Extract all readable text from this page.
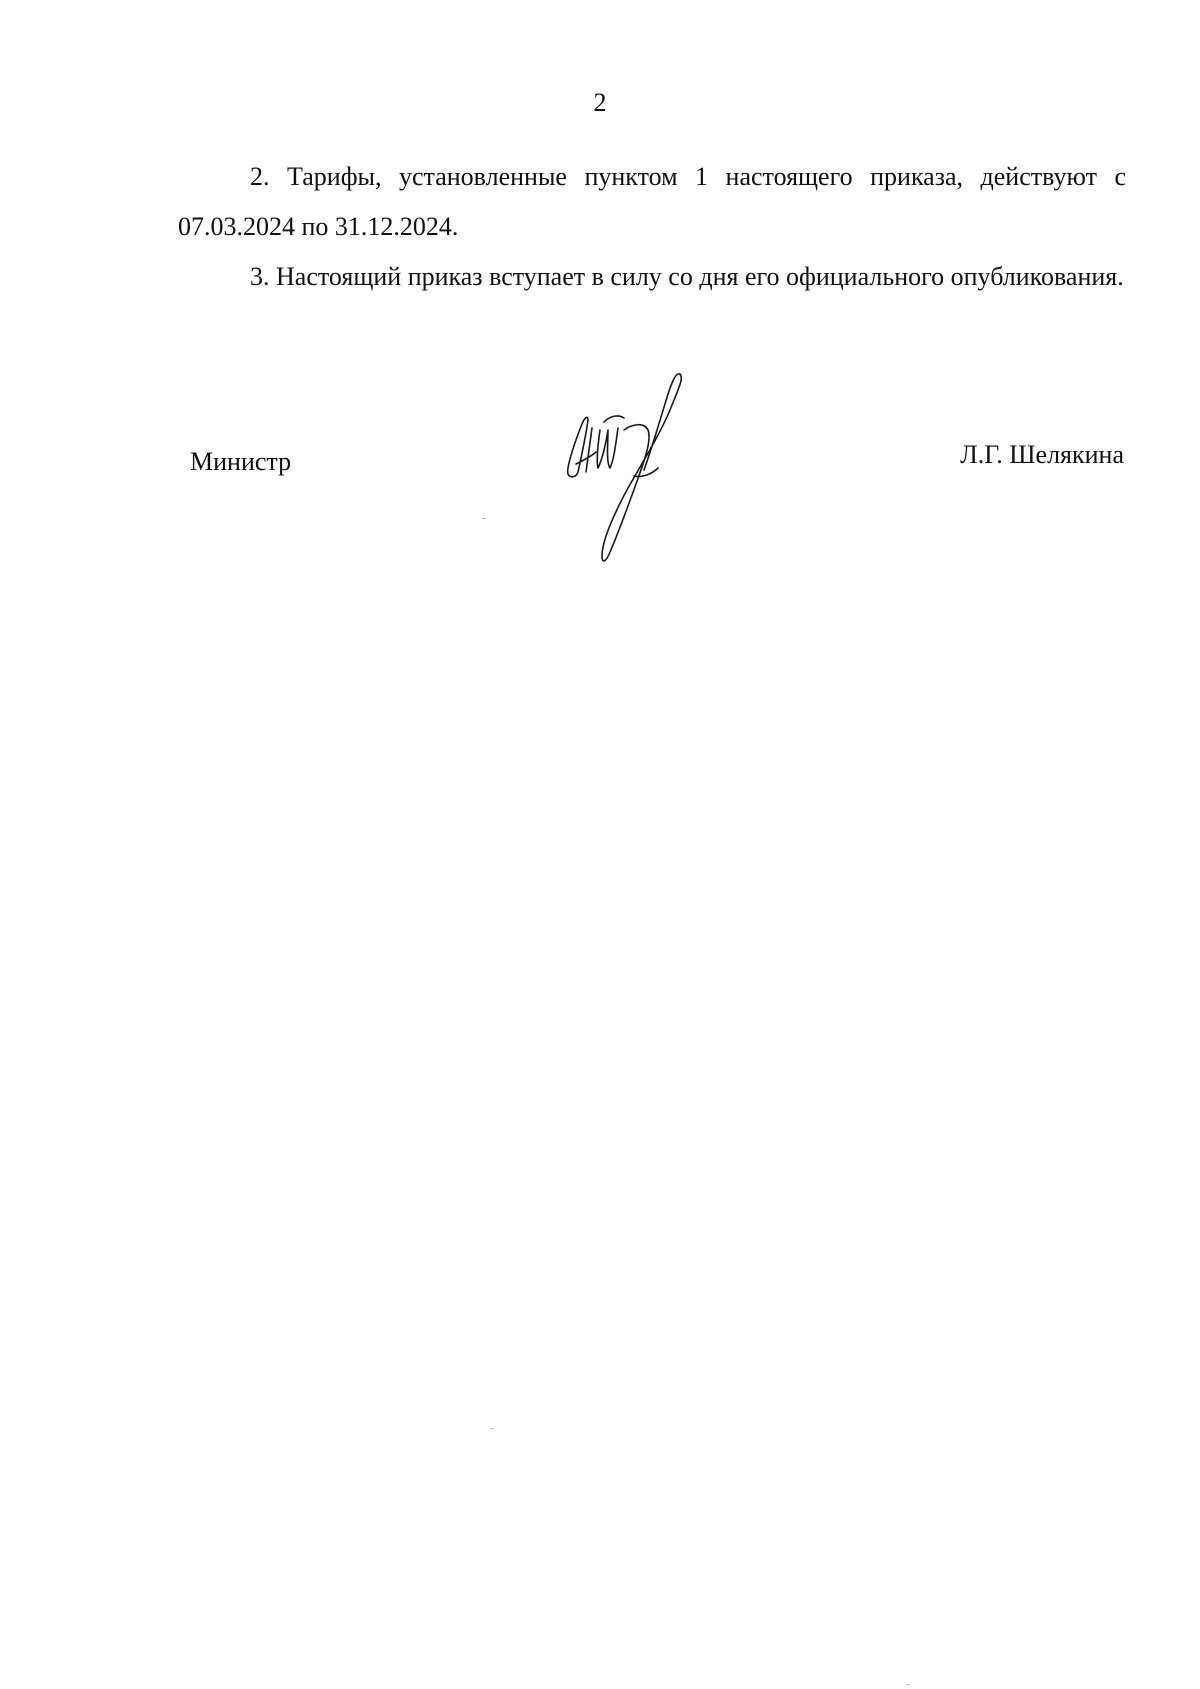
2

2. Тарифы, установленные пунктом 1 настоящего приказа, действуют с 07.03.2024 по 31.12.2024.

3. Настоящий приказ вступает в силу со дня его официального опубликования.

Министр	Л.Г. Шелякина
